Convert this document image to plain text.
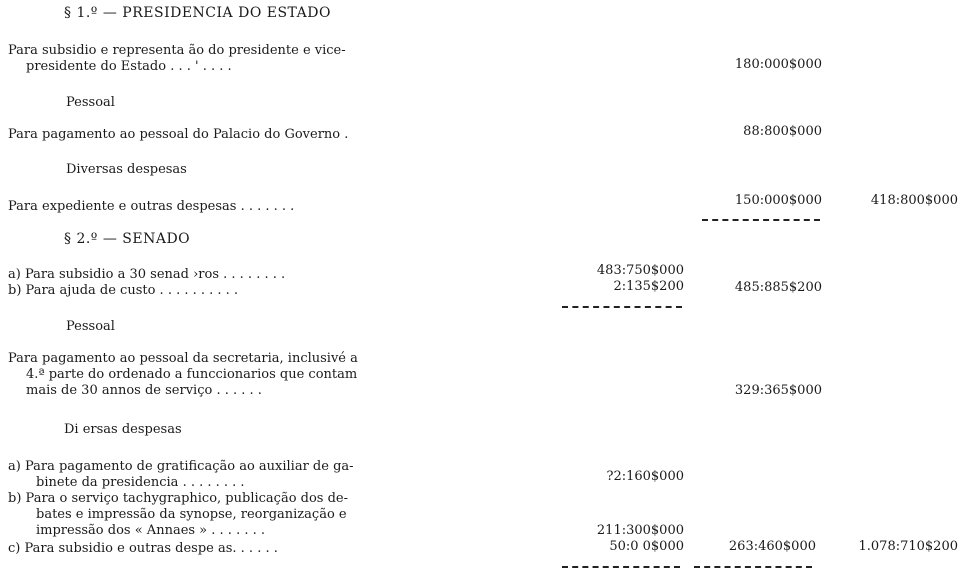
§ 1.º — PRESIDENCIA DO ESTADO
Para subsidio e representa ão do presidente e vice-
presidente do Estado . . . ' . . . .	180:000$000
Pessoal
Para pagamento ao pessoal do Palacio do Governo .	88:800$000
Diversas despesas
Para expediente e outras despesas . . . . . . .	150:000$000	418:800$000
§ 2.º — SENADO
a) Para subsidio a 30 senad ›ros . . . . . . . .	483:750$000
b) Para ajuda de custo . . . . . . . . . .	2:135$200	485:885$200
Pessoal
Para pagamento ao pessoal da secretaria, inclusivé a
4.ª parte do ordenado a funccionarios que contam
mais de 30 annos de serviço . . . . . .	329:365$000
Di ersas despesas
a) Para pagamento de gratificação ao auxiliar de ga-
binete da presidencia . . . . . . . .	?2:160$000
b) Para o serviço tachygraphico, publicação dos de-
bates e impressão da synopse, reorganização e
impressão dos « Annaes » . . . . . . .	211:300$000
c) Para subsidio e outras despe as. . . . . .	50:0 0$000	263:460$000	1.078:710$200
